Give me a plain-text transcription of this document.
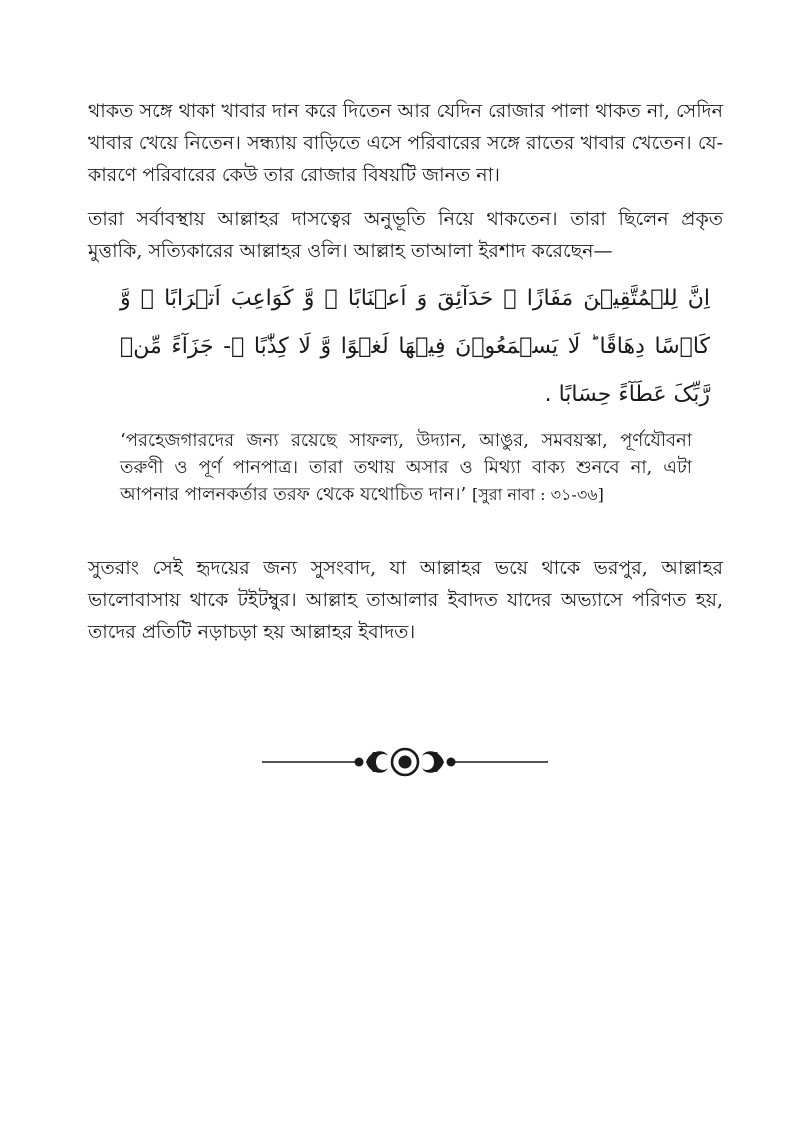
থাকত সঙ্গে থাকা খাবার দান করে দিতেন আর যেদিন রোজার পালা থাকত না, সেদিন খাবার খেয়ে নিতেন। সন্ধ্যায় বাড়িতে এসে পরিবারের সঙ্গে রাতের খাবার খেতেন। যে-কারণে পরিবারের কেউ তার রোজার বিষয়টি জানত না।

তারা সর্বাবস্থায় আল্লাহর দাসত্বের অনুভূতি নিয়ে থাকতেন। তারা ছিলেন প্রকৃত মুত্তাকি, সত্যিকারের আল্লাহর ওলি। আল্লাহ তাআলা ইরশাদ করেছেন—

اِنَّ لِلۡمُتَّقِیۡنَ مَفَازًا ۙ حَدَآئِقَ وَ اَعۡنَابًا ۙ وَّ کَوَاعِبَ اَتۡرَابًا ۙ وَّ کَاۡسًا دِهَاقًا ؕ لَا یَسۡمَعُوۡنَ فِیۡهَا لَغۡوًا وَّ لَا کِذّٰبًا ۚ- جَزَآءً مِّنۡ رَّبِّکَ عَطَآءً حِسَابًا .

‘পরহেজগারদের জন্য রয়েছে সাফল্য, উদ্যান, আঙুর, সমবয়স্কা, পূর্ণযৌবনা তরুণী ও পূর্ণ পানপাত্র। তারা তথায় অসার ও মিথ্যা বাক্য শুনবে না, এটা আপনার পালনকর্তার তরফ থেকে যথোচিত দান।’ [সুরা নাবা : ৩১-৩৬]

সুতরাং সেই হৃদয়ের জন্য সুসংবাদ, যা আল্লাহর ভয়ে থাকে ভরপুর, আল্লাহর ভালোবাসায় থাকে টইটম্বুর। আল্লাহ তাআলার ইবাদত যাদের অভ্যাসে পরিণত হয়, তাদের প্রতিটি নড়াচড়া হয় আল্লাহর ইবাদত।
